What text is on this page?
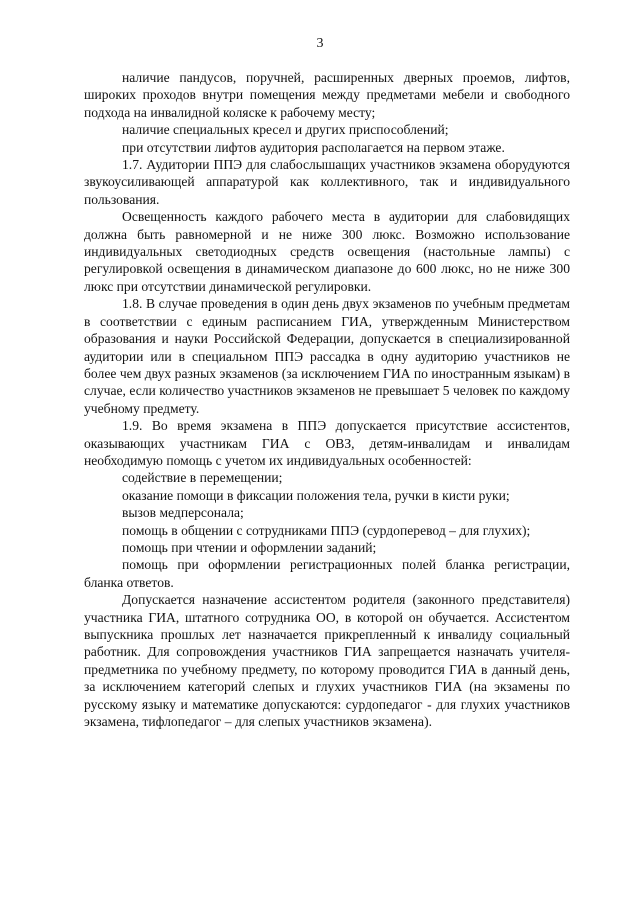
3

наличие пандусов, поручней, расширенных дверных проемов, лифтов, широких проходов внутри помещения между предметами мебели и свободного подхода на инвалидной коляске к рабочему месту;

наличие специальных кресел и других приспособлений;

при отсутствии лифтов аудитория располагается на первом этаже.

1.7. Аудитории ППЭ для слабослышащих участников экзамена оборудуются звукоусиливающей аппаратурой как коллективного, так и индивидуального пользования.

Освещенность каждого рабочего места в аудитории для слабовидящих должна быть равномерной и не ниже 300 люкс. Возможно использование индивидуальных светодиодных средств освещения (настольные лампы) с регулировкой освещения в динамическом диапазоне до 600 люкс, но не ниже 300 люкс при отсутствии динамической регулировки.

1.8. В случае проведения в один день двух экзаменов по учебным предметам в соответствии с единым расписанием ГИА, утвержденным Министерством образования и науки Российской Федерации, допускается в специализированной аудитории или в специальном ППЭ рассадка в одну аудиторию участников не более чем двух разных экзаменов (за исключением ГИА по иностранным языкам) в случае, если количество участников экзаменов не превышает 5 человек по каждому учебному предмету.

1.9. Во время экзамена в ППЭ допускается присутствие ассистентов, оказывающих участникам ГИА с ОВЗ, детям-инвалидам и инвалидам необходимую помощь с учетом их индивидуальных особенностей:

содействие в перемещении;

оказание помощи в фиксации положения тела, ручки в кисти руки;

вызов медперсонала;

помощь в общении с сотрудниками ППЭ (сурдоперевод – для глухих);

помощь при чтении и оформлении заданий;

помощь при оформлении регистрационных полей бланка регистрации, бланка ответов.

Допускается назначение ассистентом родителя (законного представителя) участника ГИА, штатного сотрудника ОО, в которой он обучается. Ассистентом выпускника прошлых лет назначается прикрепленный к инвалиду социальный работник. Для сопровождения участников ГИА запрещается назначать учителя-предметника по учебному предмету, по которому проводится ГИА в данный день, за исключением категорий слепых и глухих участников ГИА (на экзамены по русскому языку и математике допускаются: сурдопедагог - для глухих участников экзамена, тифлопедагог – для слепых участников экзамена).
